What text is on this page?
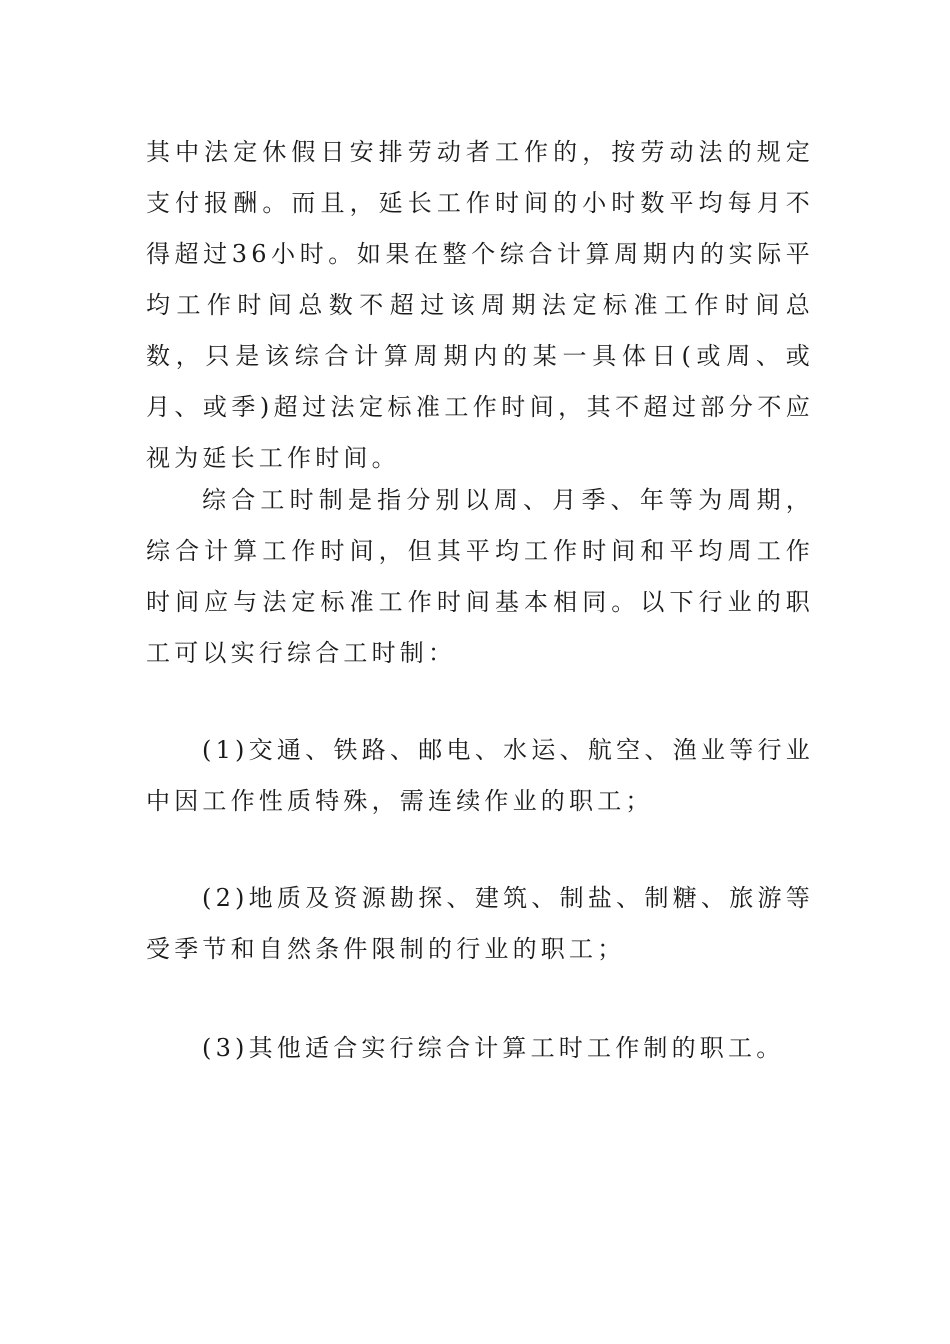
其中法定休假日安排劳动者工作的，按劳动法的规定支付报酬。而且，延长工作时间的小时数平均每月不得超过36小时。如果在整个综合计算周期内的实际平均工作时间总数不超过该周期法定标准工作时间总数，只是该综合计算周期内的某一具体日(或周、或月、或季)超过法定标准工作时间，其不超过部分不应视为延长工作时间。

综合工时制是指分别以周、月季、年等为周期，综合计算工作时间，但其平均工作时间和平均周工作时间应与法定标准工作时间基本相同。以下行业的职工可以实行综合工时制：

(1)交通、铁路、邮电、水运、航空、渔业等行业中因工作性质特殊，需连续作业的职工；

(2)地质及资源勘探、建筑、制盐、制糖、旅游等受季节和自然条件限制的行业的职工；

(3)其他适合实行综合计算工时工作制的职工。
